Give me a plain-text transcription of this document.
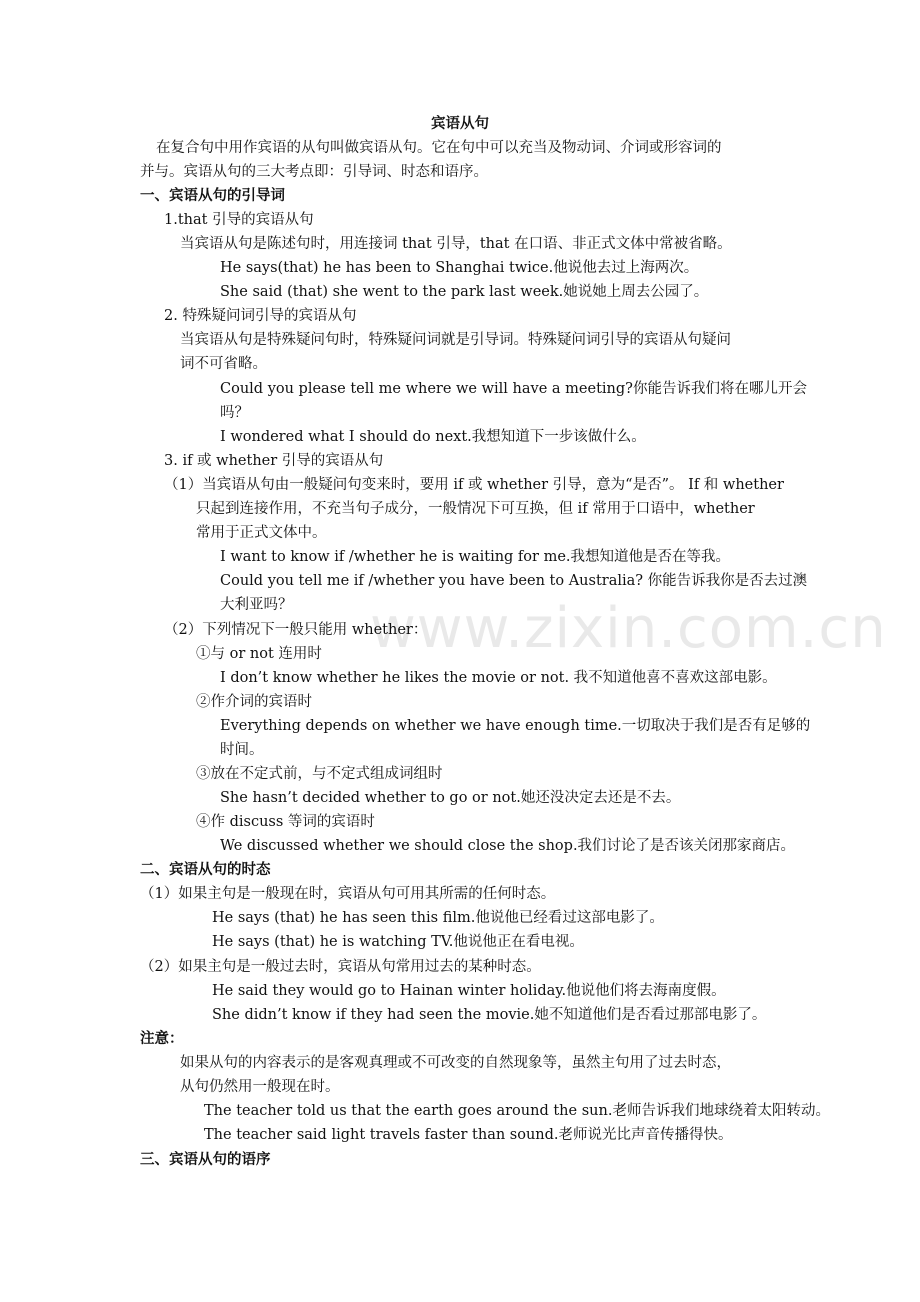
www.zixin.com.cn
宾语从句
在复合句中用作宾语的从句叫做宾语从句。它在句中可以充当及物动词、介词或形容词的
并与。宾语从句的三大考点即：引导词、时态和语序。
一、宾语从句的引导词
1.that 引导的宾语从句
当宾语从句是陈述句时，用连接词 that 引导，that 在口语、非正式文体中常被省略。
He says(that) he has been to Shanghai twice.他说他去过上海两次。
She said (that) she went to the park last week.她说她上周去公园了。
2. 特殊疑问词引导的宾语从句
当宾语从句是特殊疑问句时，特殊疑问词就是引导词。特殊疑问词引导的宾语从句疑问
词不可省略。
Could you please tell me where we will have a meeting?你能告诉我们将在哪儿开会
吗？
I wondered what I should do next.我想知道下一步该做什么。
3. if 或 whether 引导的宾语从句
（1）当宾语从句由一般疑问句变来时，要用 if 或 whether 引导，意为“是否”。 If 和 whether
只起到连接作用，不充当句子成分，一般情况下可互换，但 if 常用于口语中，whether
常用于正式文体中。
I want to know if /whether he is waiting for me.我想知道他是否在等我。
Could you tell me if /whether you have been to Australia? 你能告诉我你是否去过澳
大利亚吗？
（2）下列情况下一般只能用 whether：
①与 or not 连用时
I don’t know whether he likes the movie or not. 我不知道他喜不喜欢这部电影。
②作介词的宾语时
Everything depends on whether we have enough time.一切取决于我们是否有足够的
时间。
③放在不定式前，与不定式组成词组时
She hasn’t decided whether to go or not.她还没决定去还是不去。
④作 discuss 等词的宾语时
We discussed whether we should close the shop.我们讨论了是否该关闭那家商店。
二、宾语从句的时态
（1）如果主句是一般现在时，宾语从句可用其所需的任何时态。
He says (that) he has seen this film.他说他已经看过这部电影了。
He says (that) he is watching TV.他说他正在看电视。
（2）如果主句是一般过去时，宾语从句常用过去的某种时态。
He said they would go to Hainan winter holiday.他说他们将去海南度假。
She didn’t know if they had seen the movie.她不知道他们是否看过那部电影了。
注意：
如果从句的内容表示的是客观真理或不可改变的自然现象等，虽然主句用了过去时态，
从句仍然用一般现在时。
The teacher told us that the earth goes around the sun.老师告诉我们地球绕着太阳转动。
The teacher said light travels faster than sound.老师说光比声音传播得快。
三、宾语从句的语序
